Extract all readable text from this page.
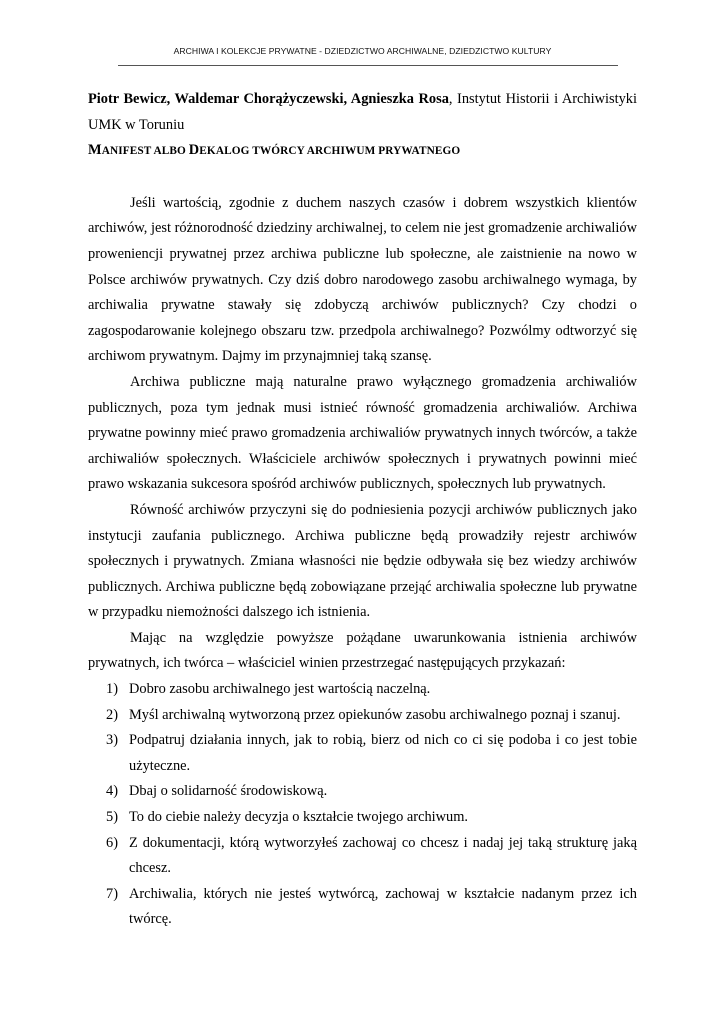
ARCHIWA I KOLEKCJE PRYWATNE - DZIEDZICTWO ARCHIWALNE, DZIEDZICTWO KULTURY

Piotr Bewicz, Waldemar Chorążyczewski, Agnieszka Rosa, Instytut Historii i Archiwistyki UMK w Toruniu

MANIFEST ALBO DEKALOG TWÓRCY ARCHIWUM PRYWATNEGO

Jeśli wartością, zgodnie z duchem naszych czasów i dobrem wszystkich klientów archiwów, jest różnorodność dziedziny archiwalnej, to celem nie jest gromadzenie archiwaliów proweniencji prywatnej przez archiwa publiczne lub społeczne, ale zaistnienie na nowo w Polsce archiwów prywatnych. Czy dziś dobro narodowego zasobu archiwalnego wymaga, by archiwalia prywatne stawały się zdobyczą archiwów publicznych? Czy chodzi o zagospodarowanie kolejnego obszaru tzw. przedpola archiwalnego? Pozwólmy odtworzyć się archiwom prywatnym. Dajmy im przynajmniej taką szansę.

Archiwa publiczne mają naturalne prawo wyłącznego gromadzenia archiwaliów publicznych, poza tym jednak musi istnieć równość gromadzenia archiwaliów. Archiwa prywatne powinny mieć prawo gromadzenia archiwaliów prywatnych innych twórców, a także archiwaliów społecznych. Właściciele archiwów społecznych i prywatnych powinni mieć prawo wskazania sukcesora spośród archiwów publicznych, społecznych lub prywatnych.

Równość archiwów przyczyni się do podniesienia pozycji archiwów publicznych jako instytucji zaufania publicznego. Archiwa publiczne będą prowadziły rejestr archiwów społecznych i prywatnych. Zmiana własności nie będzie odbywała się bez wiedzy archiwów publicznych. Archiwa publiczne będą zobowiązane przejąć archiwalia społeczne lub prywatne w przypadku niemożności dalszego ich istnienia.

Mając na względzie powyższe pożądane uwarunkowania istnienia archiwów prywatnych, ich twórca – właściciel winien przestrzegać następujących przykazań:

1) Dobro zasobu archiwalnego jest wartością naczelną.
2) Myśl archiwalną wytworzoną przez opiekunów zasobu archiwalnego poznaj i szanuj.
3) Podpatruj działania innych, jak to robią, bierz od nich co ci się podoba i co jest tobie użyteczne.
4) Dbaj o solidarność środowiskową.
5) To do ciebie należy decyzja o kształcie twojego archiwum.
6) Z dokumentacji, którą wytworzyłeś zachowaj co chcesz i nadaj jej taką strukturę jaką chcesz.
7) Archiwalia, których nie jesteś wytwórcą, zachowaj w kształcie nadanym przez ich twórcę.
